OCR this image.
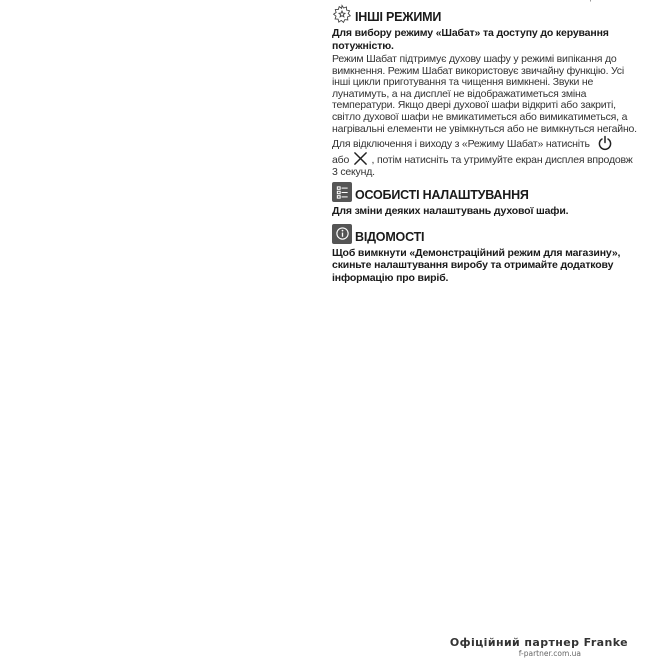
'
ІНШІ РЕЖИМИ

Для вибору режиму «Шабат» та доступу до керування потужністю.

Режим Шабат підтримує духову шафу у режимі випікання до вимкнення. Режим Шабат використовує звичайну функцію. Усі інші цикли приготування та чищення вимкнені. Звуки не лунатимуть, а на дисплеї не відображатиметься зміна температури. Якщо двері духової шафи відкриті або закриті, світло духової шафи не вмикатиметься або вимикатиметься, а нагрівальні елементи не увімкнуться або не вимкнуться негайно.

Для відключення і виходу з «Режиму Шабат» натисніть
або , потім натисніть та утримуйте екран дисплея впродовж 3 секунд.

ОСОБИСТІ НАЛАШТУВАННЯ

Для зміни деяких налаштувань духової шафи.

ВІДОМОСТІ

Щоб вимкнути «Демонстраційний режим для магазину», скиньте налаштування виробу та отримайте додаткову інформацію про виріб.

Офіційний партнер Franke
f-partner.com.ua
